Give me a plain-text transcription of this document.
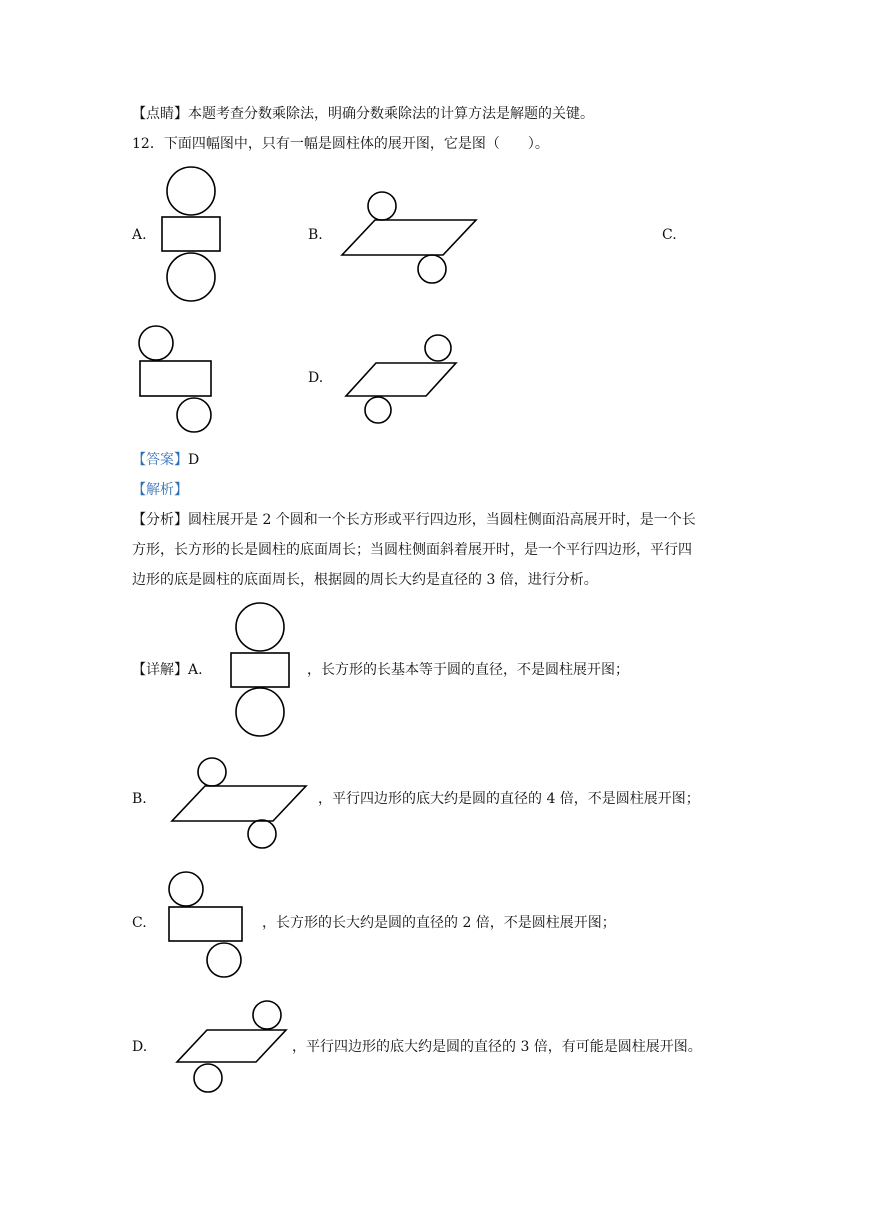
【点睛】本题考查分数乘除法，明确分数乘除法的计算方法是解题的关键。
12．下面四幅图中，只有一幅是圆柱体的展开图，它是图（　　）。
A.	B.	C.
D.
【答案】D
【解析】
【分析】圆柱展开是 2 个圆和一个长方形或平行四边形，当圆柱侧面沿高展开时，是一个长
方形，长方形的长是圆柱的底面周长；当圆柱侧面斜着展开时，是一个平行四边形，平行四
边形的底是圆柱的底面周长，根据圆的周长大约是直径的 3 倍，进行分析。
【详解】A.	，长方形的长基本等于圆的直径，不是圆柱展开图；
B.	，平行四边形的底大约是圆的直径的 4 倍，不是圆柱展开图；
C.	，长方形的长大约是圆的直径的 2 倍，不是圆柱展开图；
D.	，平行四边形的底大约是圆的直径的 3 倍，有可能是圆柱展开图。
